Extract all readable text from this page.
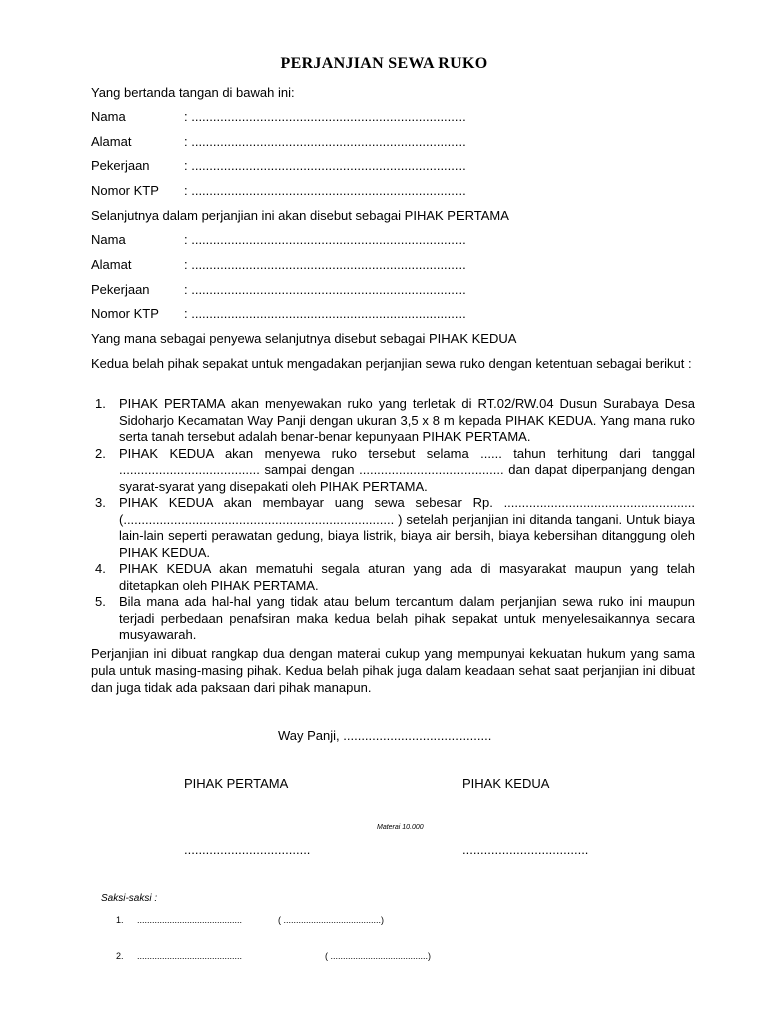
PERJANJIAN SEWA RUKO
Yang bertanda tangan di bawah ini:
Nama	: ............................................................................
Alamat	: ............................................................................
Pekerjaan	: ............................................................................
Nomor KTP : ............................................................................
Selanjutnya dalam perjanjian ini akan disebut sebagai PIHAK PERTAMA
Nama	: ............................................................................
Alamat	: ............................................................................
Pekerjaan	: ............................................................................
Nomor KTP : ............................................................................
Yang mana sebagai penyewa selanjutnya disebut sebagai PIHAK KEDUA
Kedua belah pihak sepakat untuk mengadakan perjanjian sewa ruko dengan ketentuan sebagai berikut :
1. PIHAK PERTAMA akan menyewakan ruko yang terletak di RT.02/RW.04 Dusun Surabaya Desa Sidoharjo Kecamatan Way Panji dengan ukuran 3,5 x 8 m kepada PIHAK KEDUA. Yang mana ruko serta tanah tersebut adalah benar-benar kepunyaan PIHAK PERTAMA.
2. PIHAK KEDUA akan menyewa ruko tersebut selama ...... tahun terhitung dari tanggal ....................................... sampai dengan ........................................ dan dapat diperpanjang dengan syarat-syarat yang disepakati oleh PIHAK PERTAMA.
3. PIHAK KEDUA akan membayar uang sewa sebesar Rp. ..................................................... (........................................................................... ) setelah perjanjian ini ditanda tangani. Untuk biaya lain-lain seperti perawatan gedung, biaya listrik, biaya air bersih, biaya kebersihan ditanggung oleh PIHAK KEDUA.
4. PIHAK KEDUA akan mematuhi segala aturan yang ada di masyarakat maupun yang telah ditetapkan oleh PIHAK PERTAMA.
5. Bila mana ada hal-hal yang tidak atau belum tercantum dalam perjanjian sewa ruko ini maupun terjadi perbedaan penafsiran maka kedua belah pihak sepakat untuk menyelesaikannya secara musyawarah.
Perjanjian ini dibuat rangkap dua dengan materai cukup yang mempunyai kekuatan hukum yang sama pula untuk masing-masing pihak. Kedua belah pihak juga dalam keadaan sehat saat perjanjian ini dibuat dan juga tidak ada paksaan dari pihak manapun.
Way Panji, .........................................
PIHAK PERTAMA	PIHAK KEDUA
Materai 10.000
...................................	...................................
Saksi-saksi :
1. ..........................................	( .......................................)
2. ..........................................	( .......................................)
